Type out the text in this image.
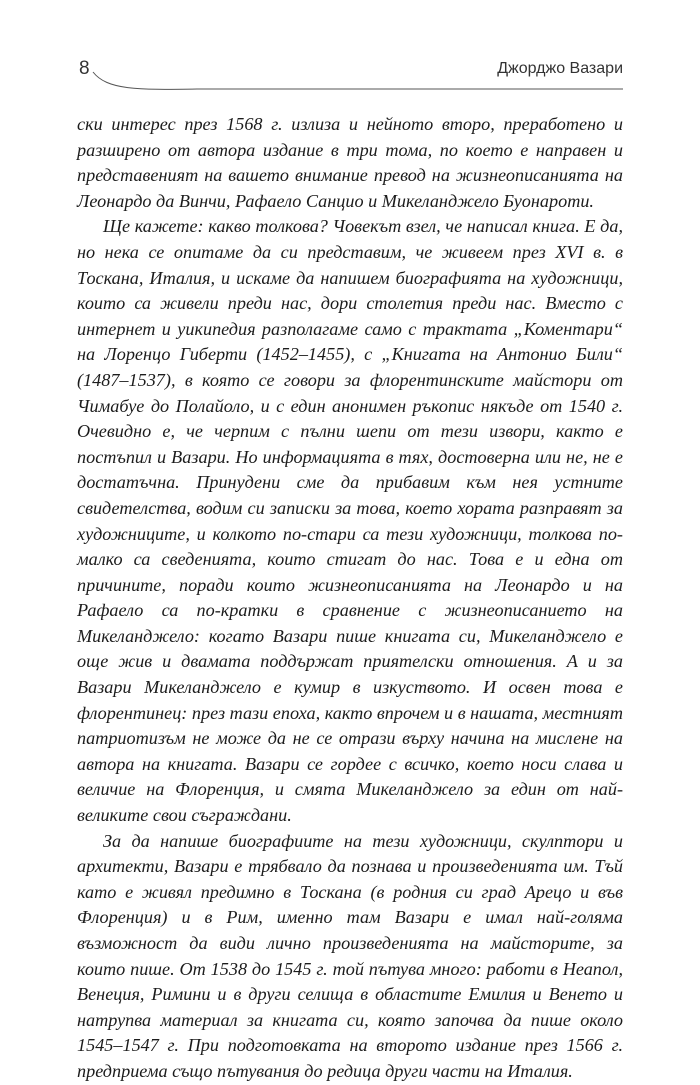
8	Джорджо Вазари

ски интерес през 1568 г. излиза и нейното второ, преработено и разширено от автора издание в три тома, по което е направен и представеният на вашето внимание превод на жизнеописанията на Леонардо да Винчи, Рафаело Санцио и Микеланджело Буонароти.

Ще кажете: какво толкова? Човекът взел, че написал книга. Е да, но нека се опитаме да си представим, че живеем през XVI в. в Тоскана, Италия, и искаме да напишем биографията на художници, които са живели преди нас, дори столетия преди нас. Вместо с интернет и уикипедия разполагаме само с трактата „Коментари“ на Лоренцо Гиберти (1452–1455), с „Книгата на Антонио Били“ (1487–1537), в която се говори за флорентинските майстори от Чимабуе до Полайоло, и с един анонимен ръкопис някъде от 1540 г. Очевидно е, че черпим с пълни шепи от тези извори, както е постъпил и Вазари. Но информацията в тях, достоверна или не, не е достатъчна. Принудени сме да прибавим към нея устните свидетелства, водим си записки за това, което хората разправят за художниците, и колкото по-стари са тези художници, толкова по-малко са сведенията, които стигат до нас. Това е и една от причините, поради които жизнеописанията на Леонардо и на Рафаело са по-кратки в сравнение с жизнеописанието на Микеланджело: когато Вазари пише книгата си, Микеланджело е още жив и двамата поддържат приятелски отношения. А и за Вазари Микеланджело е кумир в изкуството. И освен това е флорентинец: през тази епоха, както впрочем и в нашата, местният патриотизъм не може да не се отрази върху начина на мислене на автора на книгата. Вазари се гордее с всичко, което носи слава и величие на Флоренция, и смята Микеланджело за един от най-великите свои съграждани.

За да напише биографиите на тези художници, скулптори и архитекти, Вазари е трябвало да познава и произведенията им. Тъй като е живял предимно в Тоскана (в родния си град Арецо и във Флоренция) и в Рим, именно там Вазари е имал най-голяма възможност да види лично произведенията на майсторите, за които пише. От 1538 до 1545 г. той пътува много: работи в Неапол, Венеция, Римини и в други селища в областите Емилия и Венето и натрупва материал за книгата си, която започва да пише около 1545–1547 г. При подготовката на второто издание през 1566 г. предприема също пътувания до редица други части на Италия.
